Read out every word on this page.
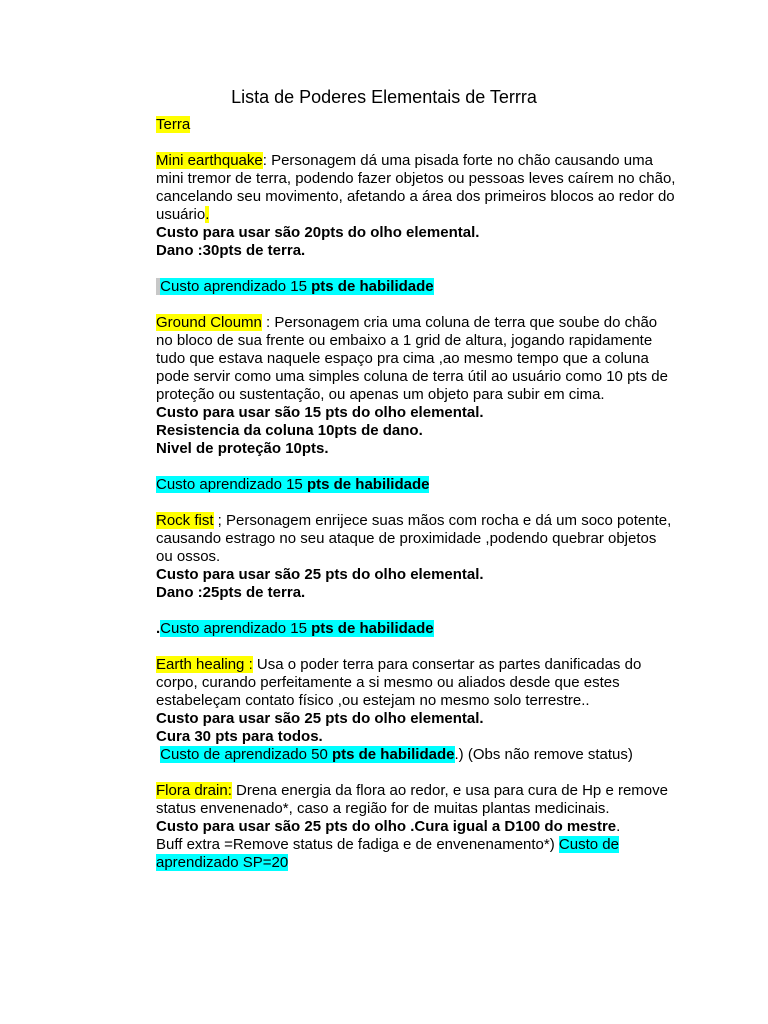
Lista de Poderes Elementais de Terrra

Terra

Mini earthquake: Personagem dá uma pisada forte no chão causando uma mini tremor de terra, podendo fazer objetos ou pessoas leves caírem no chão, cancelando seu movimento, afetando a área dos primeiros blocos ao redor do usuário.

Custo para usar são 20pts do olho elemental.

Dano :30pts de terra.

Custo aprendizado 15 pts de habilidade

Ground Cloumn : Personagem cria uma coluna de terra que soube do chão no bloco de sua frente ou embaixo a 1 grid de altura, jogando rapidamente tudo que estava naquele espaço pra cima ,ao mesmo tempo que a coluna pode servir como uma simples coluna de terra útil ao usuário como 10 pts de proteção ou sustentação, ou apenas um objeto para subir em cima.

Custo para usar são 15 pts do olho elemental.

Resistencia da coluna 10pts de dano.

Nivel de proteção 10pts.

Custo aprendizado 15 pts de habilidade

Rock fist ; Personagem enrijece suas mãos com rocha e dá um soco potente, causando estrago no seu ataque de proximidade ,podendo quebrar objetos ou ossos.

Custo para usar são 25 pts do olho elemental.

Dano :25pts de terra.

.Custo aprendizado 15 pts de habilidade

Earth healing : Usa o poder terra para consertar as partes danificadas do corpo, curando perfeitamente a si mesmo ou aliados desde que estes estabeleçam contato físico ,ou estejam no mesmo solo terrestre..

Custo para usar são 25 pts do olho elemental.

Cura 30 pts para todos.

Custo de aprendizado 50 pts de habilidade.) (Obs não remove status)

Flora drain: Drena energia da flora ao redor, e usa para cura de Hp e remove status envenenado*, caso a região for de muitas plantas medicinais.

Custo para usar são 25 pts do olho .Cura igual a D100 do mestre.

Buff extra =Remove status de fadiga e de envenenamento*) Custo de aprendizado SP=20
